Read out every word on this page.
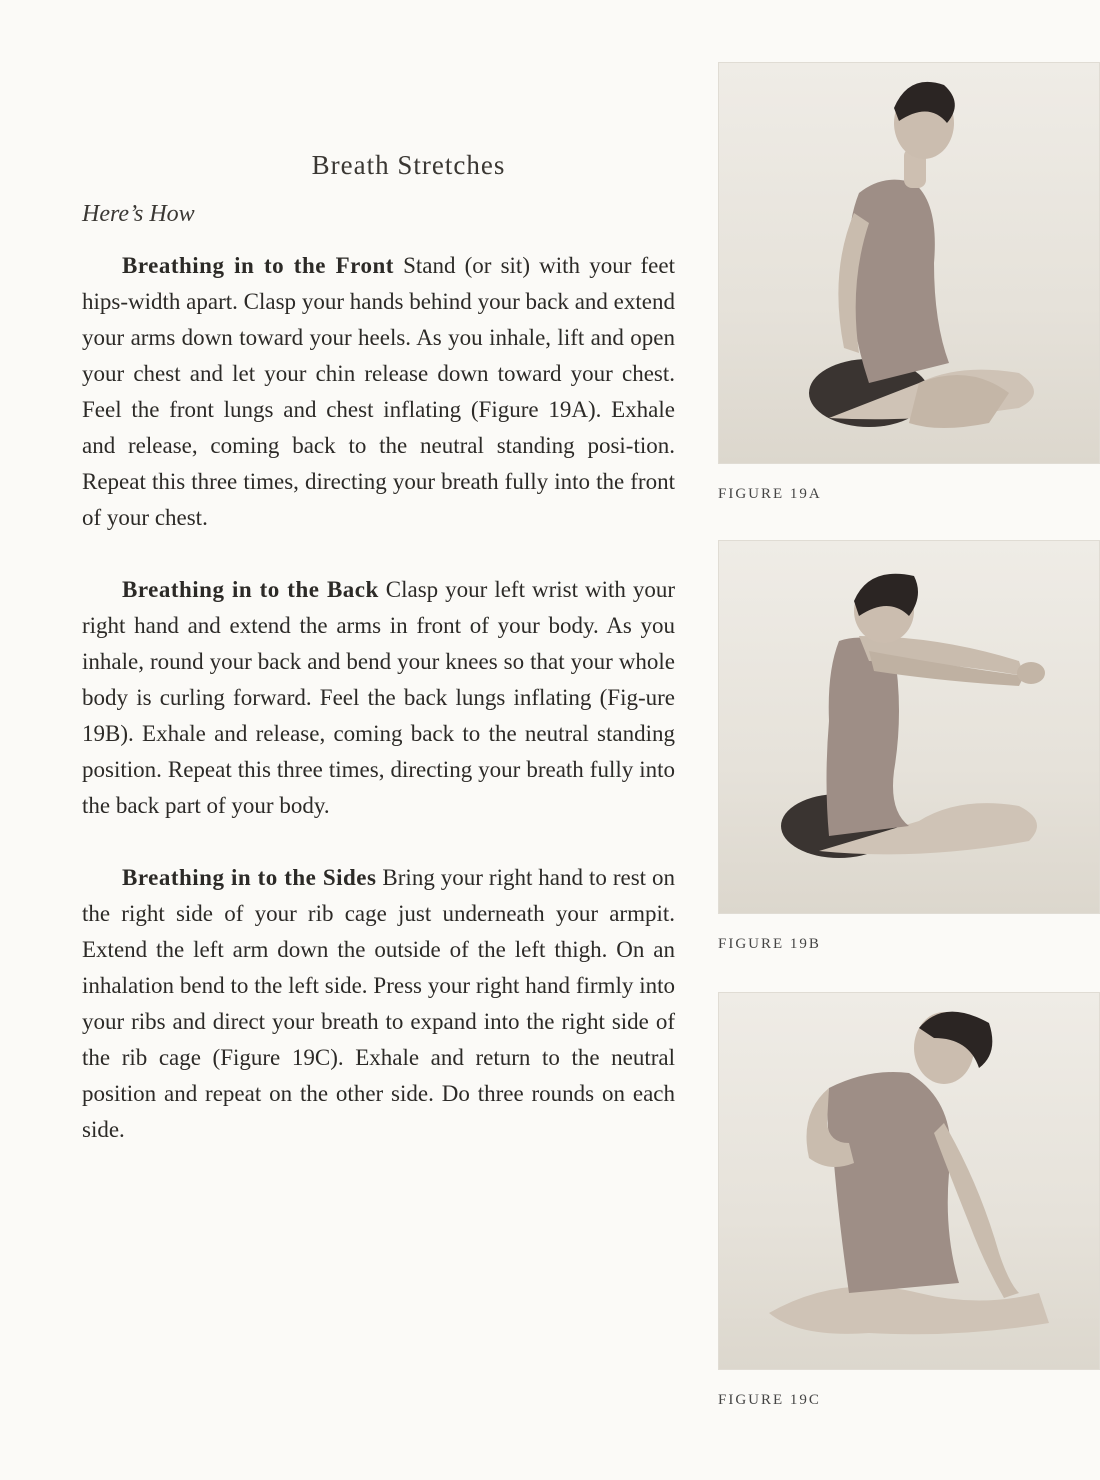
Breath Stretches
Here’s How

Breathing in to the Front Stand (or sit) with your feet hips-width apart. Clasp your hands behind your back and extend your arms down toward your heels. As you inhale, lift and open your chest and let your chin release down toward your chest. Feel the front lungs and chest inflating (Figure 19A). Exhale and release, coming back to the neutral standing posi-tion. Repeat this three times, directing your breath fully into the front of your chest.

Breathing in to the Back Clasp your left wrist with your right hand and extend the arms in front of your body. As you inhale, round your back and bend your knees so that your whole body is curling forward. Feel the back lungs inflating (Fig-ure 19B). Exhale and release, coming back to the neutral standing position. Repeat this three times, directing your breath fully into the back part of your body.

Breathing in to the Sides Bring your right hand to rest on the right side of your rib cage just underneath your armpit. Extend the left arm down the outside of the left thigh. On an inhalation bend to the left side. Press your right hand firmly into your ribs and direct your breath to expand into the right side of the rib cage (Figure 19C). Exhale and return to the neutral position and repeat on the other side. Do three rounds on each side.

FIGURE 19A
FIGURE 19B
FIGURE 19C
